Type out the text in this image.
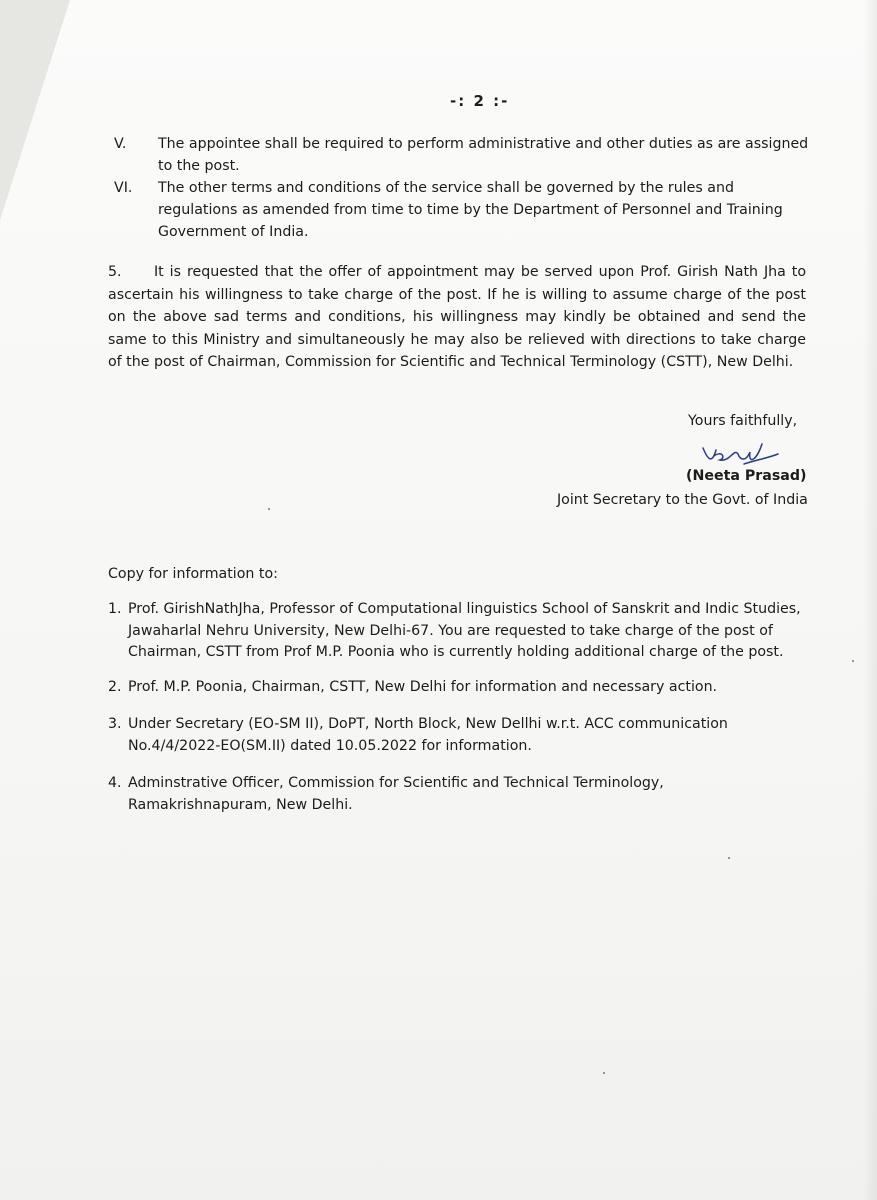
-: 2 :-
V.	The appointee shall be required to perform administrative and other duties as are assigned to the post.
VI.	The other terms and conditions of the service shall be governed by the rules and regulations as amended from time to time by the Department of Personnel and Training Government of India.
5. It is requested that the offer of appointment may be served upon Prof. Girish Nath Jha to ascertain his willingness to take charge of the post. If he is willing to assume charge of the post on the above sad terms and conditions, his willingness may kindly be obtained and send the same to this Ministry and simultaneously he may also be relieved with directions to take charge of the post of Chairman, Commission for Scientific and Technical Terminology (CSTT), New Delhi.
Yours faithfully,
(Neeta Prasad)
Joint Secretary to the Govt. of India
Copy for information to:
1. Prof. GirishNathJha, Professor of Computational linguistics School of Sanskrit and Indic Studies, Jawaharlal Nehru University, New Delhi-67. You are requested to take charge of the post of Chairman, CSTT from Prof M.P. Poonia who is currently holding additional charge of the post.
2. Prof. M.P. Poonia, Chairman, CSTT, New Delhi for information and necessary action.
3. Under Secretary (EO-SM II), DoPT, North Block, New Dellhi w.r.t. ACC communication No.4/4/2022-EO(SM.II) dated 10.05.2022 for information.
4. Adminstrative Officer, Commission for Scientific and Technical Terminology, Ramakrishnapuram, New Delhi.
